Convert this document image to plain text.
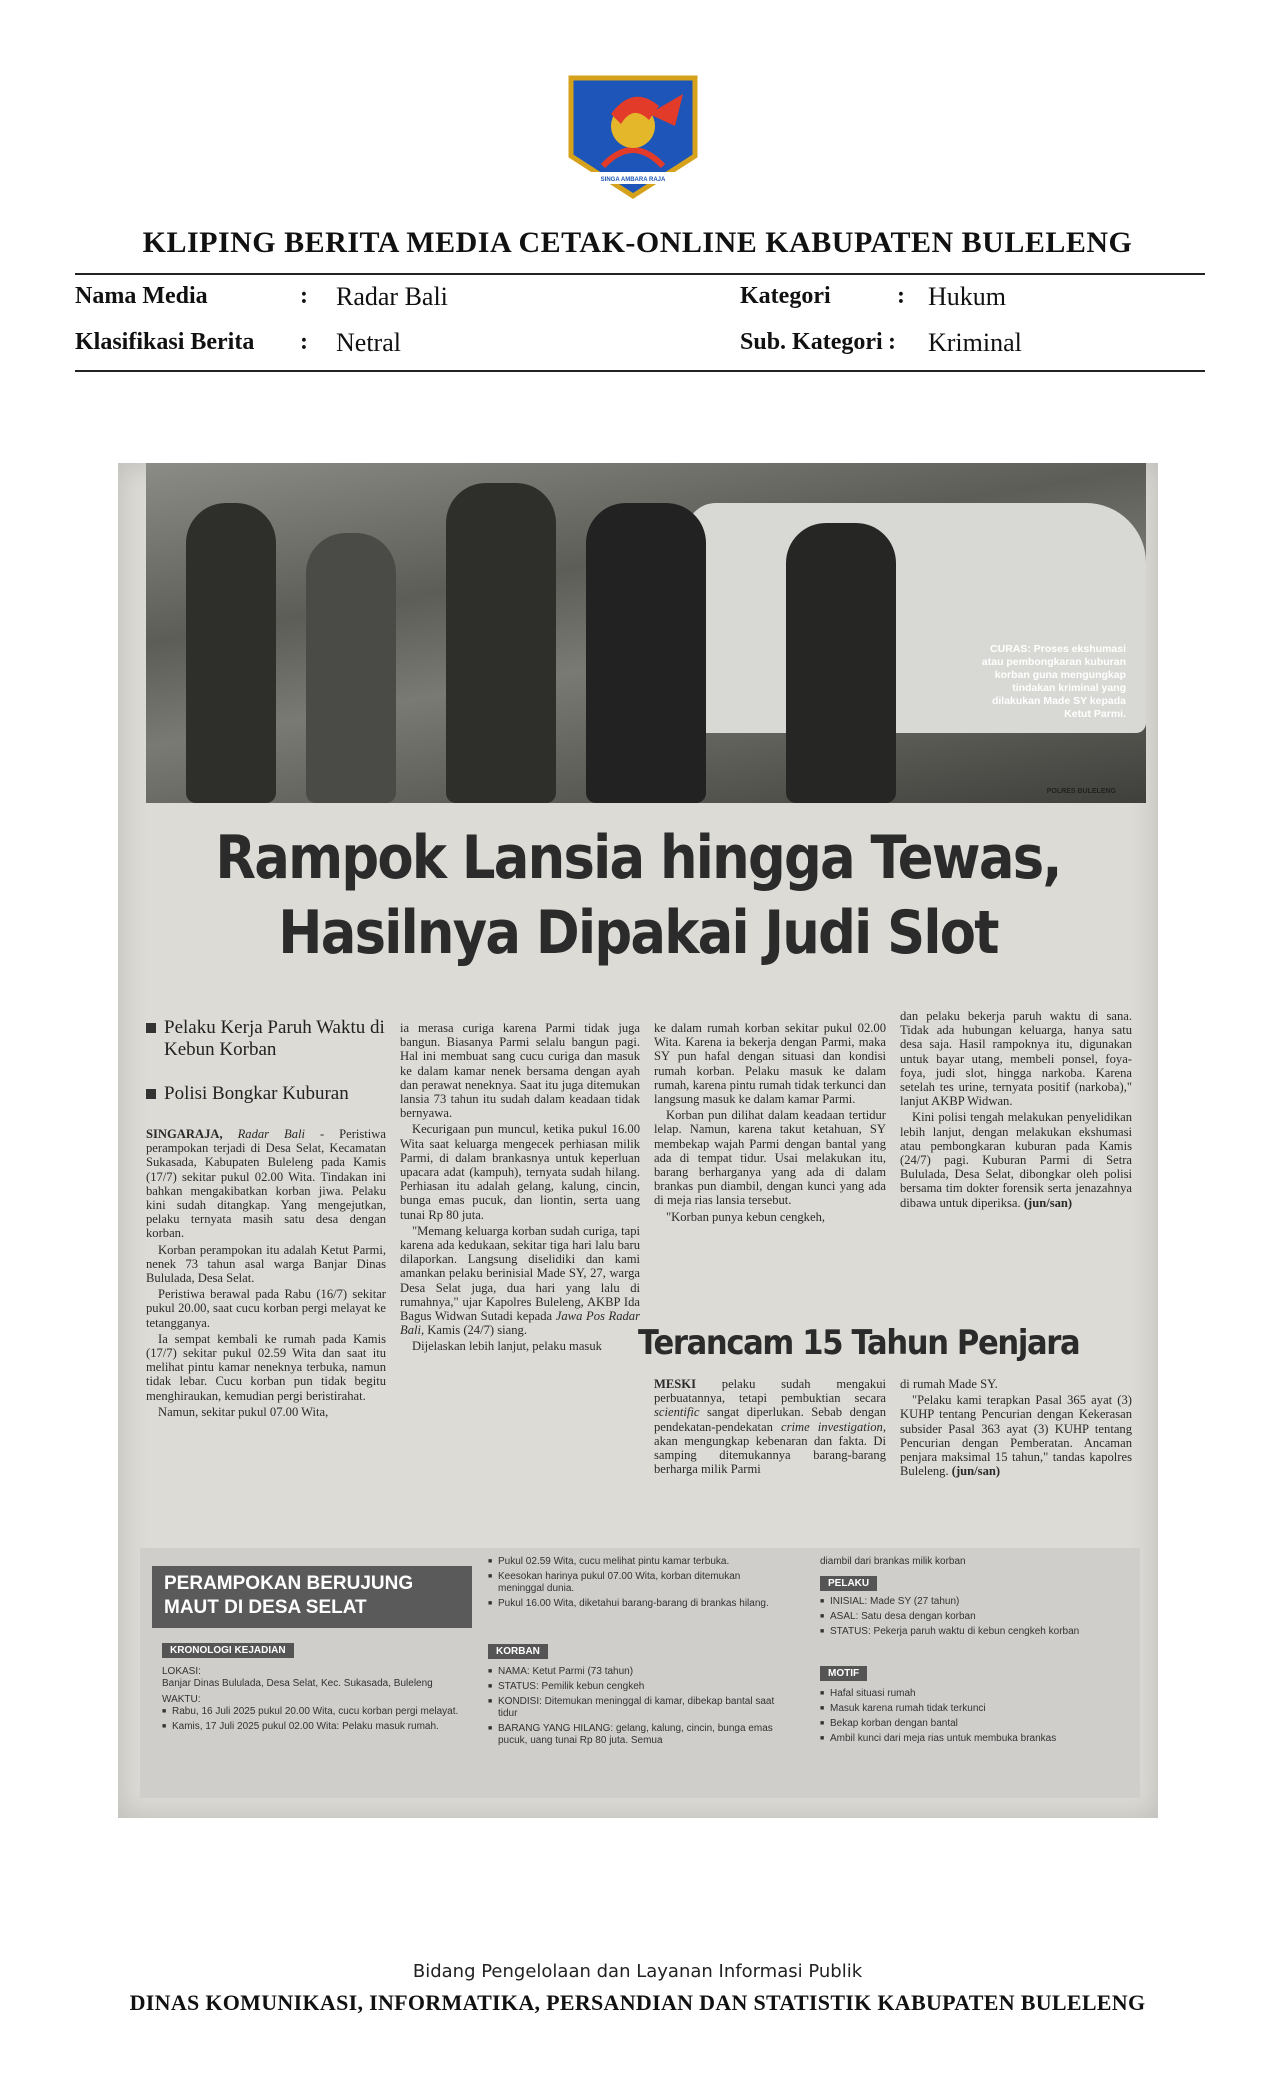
SINGA AMBARA RAJA
KLIPING BERITA MEDIA CETAK-ONLINE KABUPATEN BULELENG
Nama Media	: Radar Bali	Kategori	: Hukum
Klasifikasi Berita : Netral	Sub. Kategori : Kriminal
CURAS: Proses ekshumasi atau pembongkaran kuburan korban guna mengungkap tindakan kriminal yang dilakukan Made SY kepada Ketut Parmi.
POLRES BULELENG
Rampok Lansia hingga Tewas,
Hasilnya Dipakai Judi Slot
Pelaku Kerja Paruh Waktu di Kebun Korban
Polisi Bongkar Kuburan

SINGARAJA, Radar Bali - Peristiwa perampokan terjadi di Desa Selat, Kecamatan Sukasada, Kabupaten Buleleng pada Kamis (17/7) sekitar pukul 02.00 Wita. Tindakan ini bahkan mengakibatkan korban jiwa. Pelaku kini sudah ditangkap. Yang mengejutkan, pelaku ternyata masih satu desa dengan korban.

Korban perampokan itu adalah Ketut Parmi, nenek 73 tahun asal warga Banjar Dinas Bululada, Desa Selat.

Peristiwa berawal pada Rabu (16/7) sekitar pukul 20.00, saat cucu korban pergi melayat ke tetangganya.

Ia sempat kembali ke rumah pada Kamis (17/7) sekitar pukul 02.59 Wita dan saat itu melihat pintu kamar neneknya terbuka, namun tidak lebar. Cucu korban pun tidak begitu menghiraukan, kemudian pergi beristirahat.

Namun, sekitar pukul 07.00 Wita,

ia merasa curiga karena Parmi tidak juga bangun. Biasanya Parmi selalu bangun pagi. Hal ini membuat sang cucu curiga dan masuk ke dalam kamar nenek bersama dengan ayah dan perawat neneknya. Saat itu juga ditemukan lansia 73 tahun itu sudah dalam keadaan tidak bernyawa.

Kecurigaan pun muncul, ketika pukul 16.00 Wita saat keluarga mengecek perhiasan milik Parmi, di dalam brankasnya untuk keperluan upacara adat (kampuh), ternyata sudah hilang. Perhiasan itu adalah gelang, kalung, cincin, bunga emas pucuk, dan liontin, serta uang tunai Rp 80 juta.

"Memang keluarga korban sudah curiga, tapi karena ada kedukaan, sekitar tiga hari lalu baru dilaporkan. Langsung diselidiki dan kami amankan pelaku berinisial Made SY, 27, warga Desa Selat juga, dua hari yang lalu di rumahnya," ujar Kapolres Buleleng, AKBP Ida Bagus Widwan Sutadi kepada Jawa Pos Radar Bali, Kamis (24/7) siang.

Dijelaskan lebih lanjut, pelaku masuk

ke dalam rumah korban sekitar pukul 02.00 Wita. Karena ia bekerja dengan Parmi, maka SY pun hafal dengan situasi dan kondisi rumah korban. Pelaku masuk ke dalam rumah, karena pintu rumah tidak terkunci dan langsung masuk ke dalam kamar Parmi.

Korban pun dilihat dalam keadaan tertidur lelap. Namun, karena takut ketahuan, SY membekap wajah Parmi dengan bantal yang ada di tempat tidur. Usai melakukan itu, barang berharganya yang ada di dalam brankas pun diambil, dengan kunci yang ada di meja rias lansia tersebut.

"Korban punya kebun cengkeh,

dan pelaku bekerja paruh waktu di sana. Tidak ada hubungan keluarga, hanya satu desa saja. Hasil rampoknya itu, digunakan untuk bayar utang, membeli ponsel, foya-foya, judi slot, hingga narkoba. Karena setelah tes urine, ternyata positif (narkoba)," lanjut AKBP Widwan.

Kini polisi tengah melakukan penyelidikan lebih lanjut, dengan melakukan ekshumasi atau pembongkaran kuburan pada Kamis (24/7) pagi. Kuburan Parmi di Setra Bululada, Desa Selat, dibongkar oleh polisi bersama tim dokter forensik serta jenazahnya dibawa untuk diperiksa. (jun/san)

Terancam 15 Tahun Penjara

MESKI pelaku sudah mengakui perbuatannya, tetapi pembuktian secara scientific sangat diperlukan. Sebab dengan pendekatan-pendekatan crime investigation, akan mengungkap kebenaran dan fakta. Di samping ditemukannya barang-barang berharga milik Parmi

di rumah Made SY.

"Pelaku kami terapkan Pasal 365 ayat (3) KUHP tentang Pencurian dengan Kekerasan subsider Pasal 363 ayat (3) KUHP tentang Pencurian dengan Pemberatan. Ancaman penjara maksimal 15 tahun," tandas kapolres Buleleng. (jun/san)

PERAMPOKAN BERUJUNG MAUT DI DESA SELAT
KRONOLOGI KEJADIAN
LOKASI:
Banjar Dinas Bululada, Desa Selat, Kec. Sukasada, Buleleng
WAKTU:
■ Rabu, 16 Juli 2025 pukul 20.00 Wita, cucu korban pergi melayat.
■ Kamis, 17 Juli 2025 pukul 02.00 Wita: Pelaku masuk rumah.
■ Pukul 02.59 Wita, cucu melihat pintu kamar terbuka.
■ Keesokan harinya pukul 07.00 Wita, korban ditemukan meninggal dunia.
■ Pukul 16.00 Wita, diketahui barang-barang di brankas hilang.
KORBAN
■ NAMA: Ketut Parmi (73 tahun)
■ STATUS: Pemilik kebun cengkeh
■ KONDISI: Ditemukan meninggal di kamar, dibekap bantal saat tidur
■ BARANG YANG HILANG: gelang, kalung, cincin, bunga emas pucuk, uang tunai Rp 80 juta. Semua
diambil dari brankas milik korban
PELAKU
■ INISIAL: Made SY (27 tahun)
■ ASAL: Satu desa dengan korban
■ STATUS: Pekerja paruh waktu di kebun cengkeh korban
MOTIF
■ Hafal situasi rumah
■ Masuk karena rumah tidak terkunci
■ Bekap korban dengan bantal
■ Ambil kunci dari meja rias untuk membuka brankas
Bidang Pengelolaan dan Layanan Informasi Publik
DINAS KOMUNIKASI, INFORMATIKA, PERSANDIAN DAN STATISTIK KABUPATEN BULELENG
